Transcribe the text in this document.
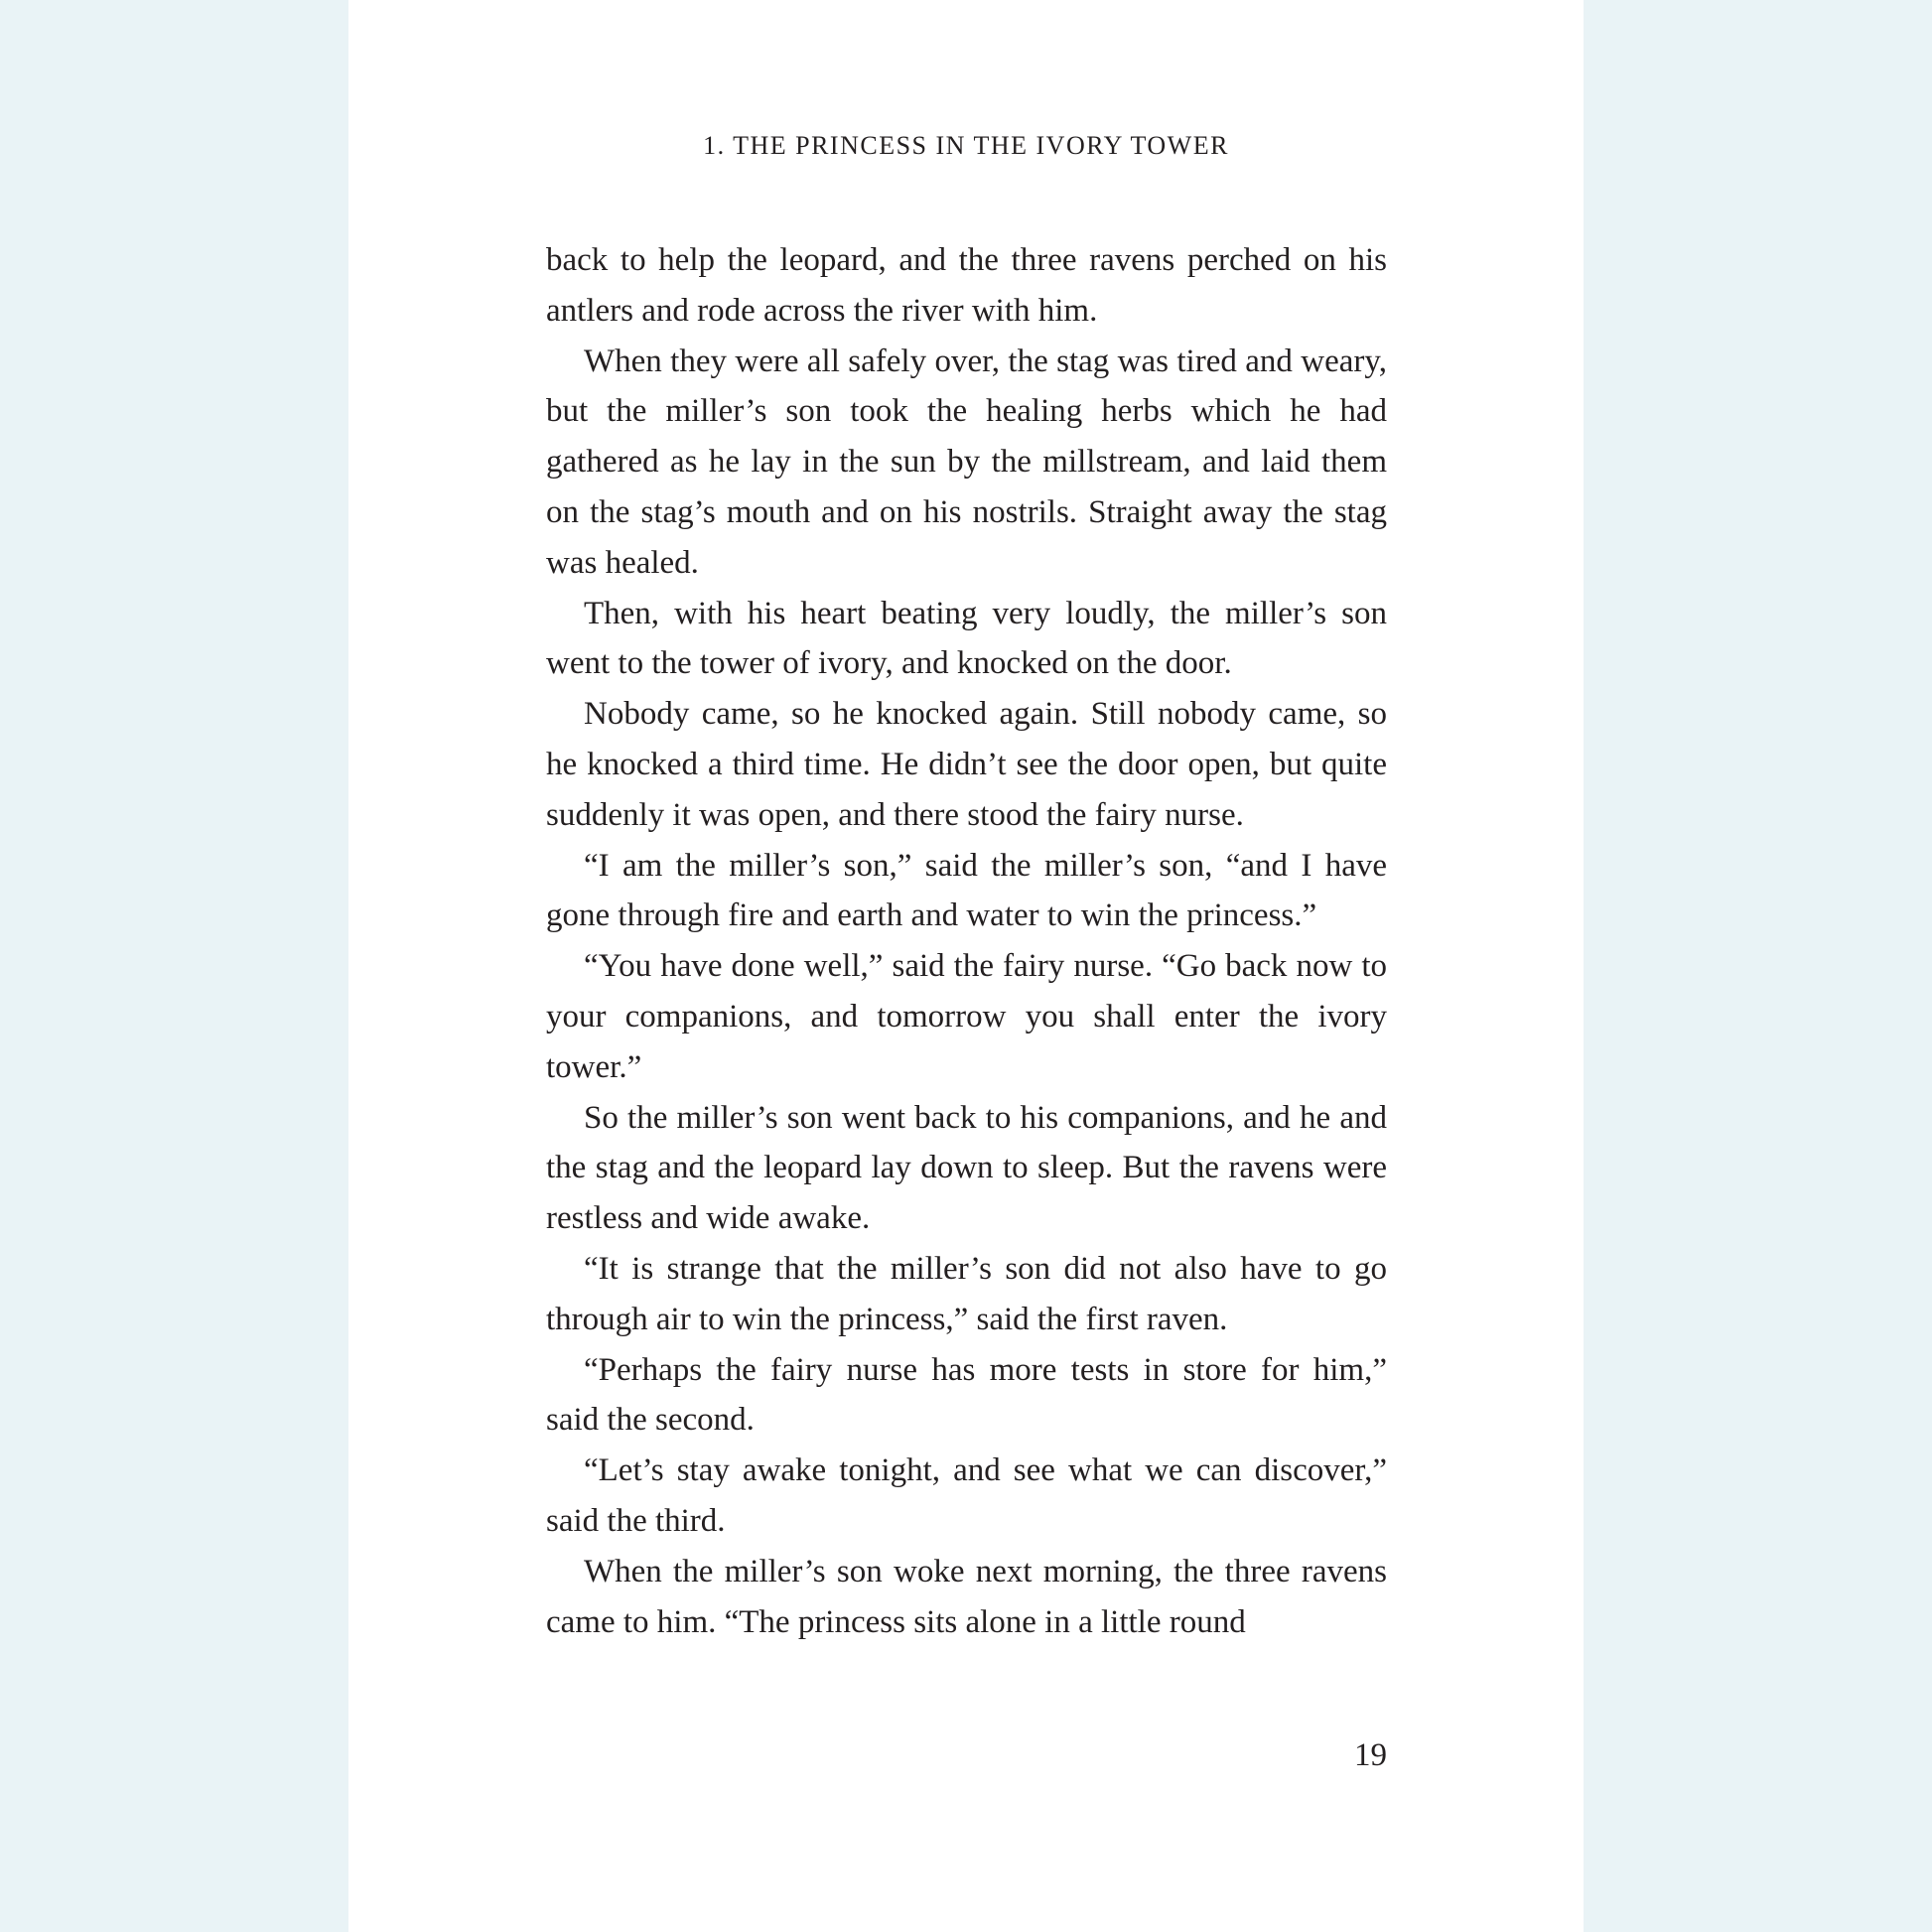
1. THE PRINCESS IN THE IVORY TOWER

back to help the leopard, and the three ravens perched on his antlers and rode across the river with him.

When they were all safely over, the stag was tired and weary, but the miller’s son took the healing herbs which he had gathered as he lay in the sun by the millstream, and laid them on the stag’s mouth and on his nostrils. Straight away the stag was healed.

Then, with his heart beating very loudly, the miller’s son went to the tower of ivory, and knocked on the door.

Nobody came, so he knocked again. Still nobody came, so he knocked a third time. He didn’t see the door open, but quite suddenly it was open, and there stood the fairy nurse.

“I am the miller’s son,” said the miller’s son, “and I have gone through fire and earth and water to win the princess.”

“You have done well,” said the fairy nurse. “Go back now to your companions, and tomorrow you shall enter the ivory tower.”

So the miller’s son went back to his companions, and he and the stag and the leopard lay down to sleep. But the ravens were restless and wide awake.

“It is strange that the miller’s son did not also have to go through air to win the princess,” said the first raven.

“Perhaps the fairy nurse has more tests in store for him,” said the second.

“Let’s stay awake tonight, and see what we can discover,” said the third.

When the miller’s son woke next morning, the three ravens came to him. “The princess sits alone in a little round

19
